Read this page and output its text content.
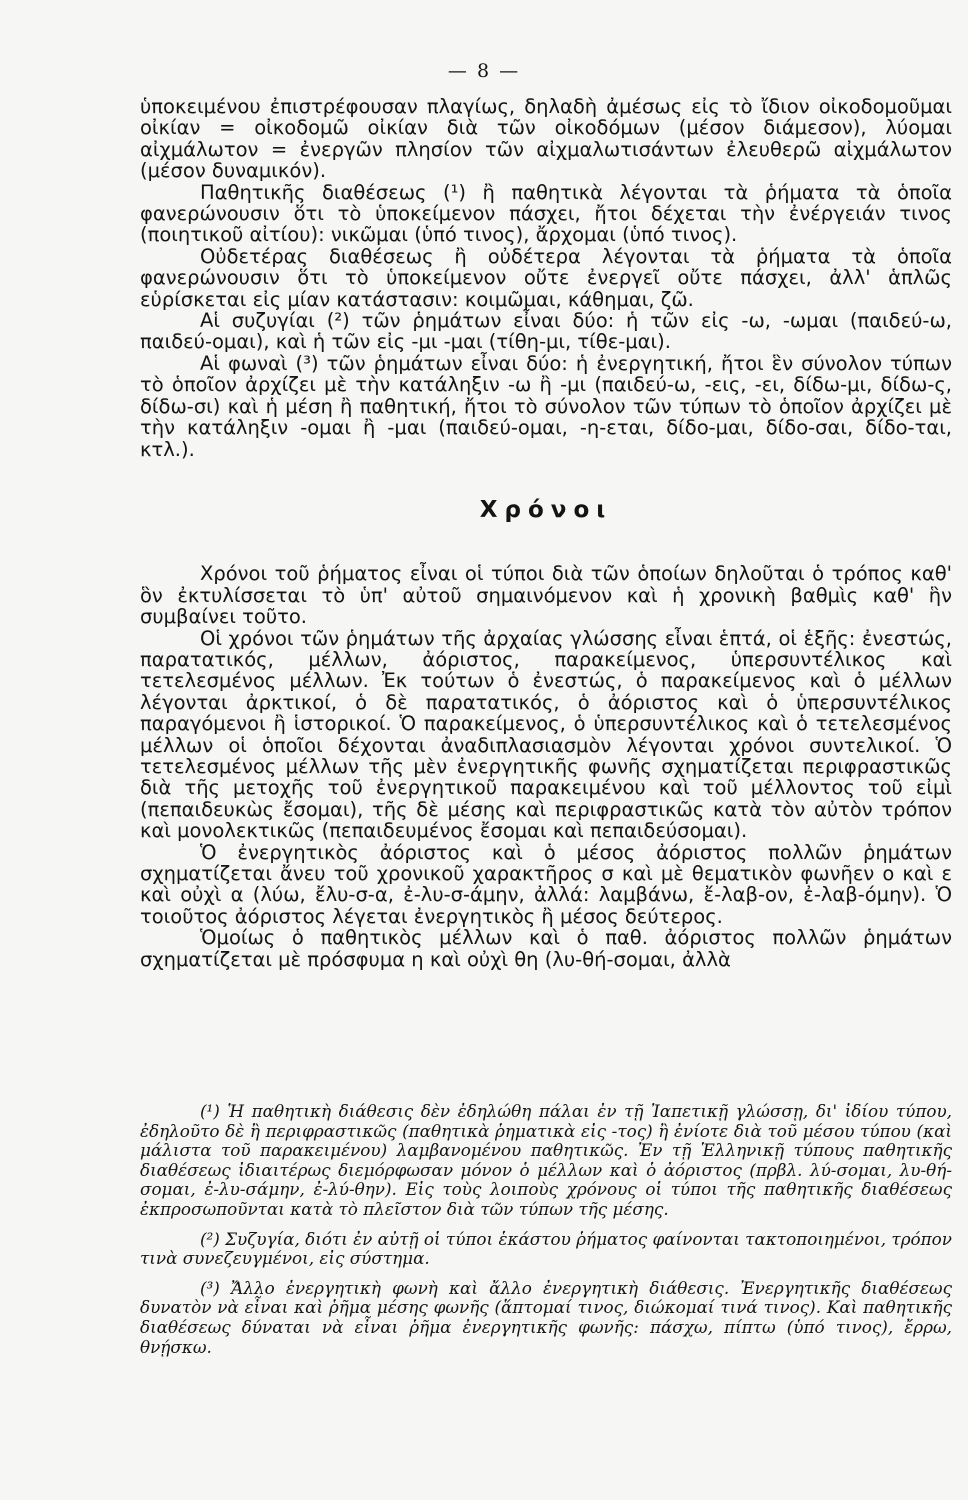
— 8 —

ὑποκειμένου ἐπιστρέφουσαν πλαγίως, δηλαδὴ ἀμέσως εἰς τὸ ἴδιον οἰκοδομοῦμαι οἰκίαν = οἰκοδομῶ οἰκίαν διὰ τῶν οἰκοδόμων (μέσον διάμεσον), λύομαι αἰχμάλωτον = ἐνεργῶν πλησίον τῶν αἰχμαλωτισάντων ἐλευθερῶ αἰχμάλωτον (μέσον δυναμικόν).

Παθητικῆς διαθέσεως (¹) ἢ παθητικὰ λέγονται τὰ ῥήματα τὰ ὁποῖα φανερώνουσιν ὅτι τὸ ὑποκείμενον πάσχει, ἤτοι δέχεται τὴν ἐνέργειάν τινος (ποιητικοῦ αἰτίου): νικῶμαι (ὑπό τινος), ἄρχομαι (ὑπό τινος).

Οὐδετέρας διαθέσεως ἢ οὐδέτερα λέγονται τὰ ῥήματα τὰ ὁποῖα φανερώνουσιν ὅτι τὸ ὑποκείμενον οὔτε ἐνεργεῖ οὔτε πάσχει, ἀλλ' ἁπλῶς εὑρίσκεται εἰς μίαν κατάστασιν: κοιμῶμαι, κάθημαι, ζῶ.

Αἱ συζυγίαι (²) τῶν ῥημάτων εἶναι δύο: ἡ τῶν εἰς -ω, -ωμαι (παιδεύ-ω, παιδεύ-ομαι), καὶ ἡ τῶν εἰς -μι -μαι (τίθη-μι, τίθε-μαι).

Αἱ φωναὶ (³) τῶν ῥημάτων εἶναι δύο: ἡ ἐνεργητική, ἤτοι ἓν σύνολον τύπων τὸ ὁποῖον ἀρχίζει μὲ τὴν κατάληξιν -ω ἢ -μι (παιδεύ-ω, -εις, -ει, δίδω-μι, δίδω-ς, δίδω-σι) καὶ ἡ μέση ἢ παθητική, ἤτοι τὸ σύνολον τῶν τύπων τὸ ὁποῖον ἀρχίζει μὲ τὴν κατάληξιν -ομαι ἢ -μαι (παιδεύ-ομαι, -η-εται, δίδο-μαι, δίδο-σαι, δίδο-ται, κτλ.).

Χρόνοι

Χρόνοι τοῦ ῥήματος εἶναι οἱ τύποι διὰ τῶν ὁποίων δηλοῦται ὁ τρόπος καθ' ὃν ἐκτυλίσσεται τὸ ὑπ' αὐτοῦ σημαινόμενον καὶ ἡ χρονικὴ βαθμὶς καθ' ἣν συμβαίνει τοῦτο.

Οἱ χρόνοι τῶν ῥημάτων τῆς ἀρχαίας γλώσσης εἶναι ἑπτά, οἱ ἑξῆς: ἐνεστώς, παρατατικός, μέλλων, ἀόριστος, παρακείμενος, ὑπερσυντέλικος καὶ τετελεσμένος μέλλων. Ἐκ τούτων ὁ ἐνεστώς, ὁ παρακείμενος καὶ ὁ μέλλων λέγονται ἀρκτικοί, ὁ δὲ παρατατικός, ὁ ἀόριστος καὶ ὁ ὑπερσυντέλικος παραγόμενοι ἢ ἱστορικοί. Ὁ παρακείμενος, ὁ ὑπερσυντέλικος καὶ ὁ τετελεσμένος μέλλων οἱ ὁποῖοι δέχονται ἀναδιπλασιασμὸν λέγονται χρόνοι συντελικοί. Ὁ τετελεσμένος μέλλων τῆς μὲν ἐνεργητικῆς φωνῆς σχηματίζεται περιφραστικῶς διὰ τῆς μετοχῆς τοῦ ἐνεργητικοῦ παρακειμένου καὶ τοῦ μέλλοντος τοῦ εἰμὶ (πεπαιδευκὼς ἔσομαι), τῆς δὲ μέσης καὶ περιφραστικῶς κατὰ τὸν αὐτὸν τρόπον καὶ μονολεκτικῶς (πεπαιδευμένος ἔσομαι καὶ πεπαιδεύσομαι).

Ὁ ἐνεργητικὸς ἀόριστος καὶ ὁ μέσος ἀόριστος πολλῶν ῥημάτων σχηματίζεται ἄνευ τοῦ χρονικοῦ χαρακτῆρος σ καὶ μὲ θεματικὸν φωνῆεν ο καὶ ε καὶ οὐχὶ α (λύω, ἔλυ-σ-α, ἐ-λυ-σ-άμην, ἀλλά: λαμβάνω, ἔ-λαβ-ον, ἐ-λαβ-όμην). Ὁ τοιοῦτος ἀόριστος λέγεται ἐνεργητικὸς ἢ μέσος δεύτερος.

Ὁμοίως ὁ παθητικὸς μέλλων καὶ ὁ παθ. ἀόριστος πολλῶν ῥημάτων σχηματίζεται μὲ πρόσφυμα η καὶ οὐχὶ θη (λυ-θή-σομαι, ἀλλὰ

(¹) Ἡ παθητικὴ διάθεσις δὲν ἐδηλώθη πάλαι ἐν τῇ Ἰαπετικῇ γλώσσῃ, δι' ἰδίου τύπου, ἐδηλοῦτο δὲ ἢ περιφραστικῶς (παθητικὰ ῥηματικὰ εἰς -τος) ἢ ἐνίοτε διὰ τοῦ μέσου τύπου (καὶ μάλιστα τοῦ παρακειμένου) λαμβανομένου παθητικῶς. Ἐν τῇ Ἑλληνικῇ τύπους παθητικῆς διαθέσεως ἰδιαιτέρως διεμόρφωσαν μόνον ὁ μέλλων καὶ ὁ ἀόριστος (πρβλ. λύ-σομαι, λυ-θή-σομαι, ἐ-λυ-σάμην, ἐ-λύ-θην). Εἰς τοὺς λοιποὺς χρόνους οἱ τύποι τῆς παθητικῆς διαθέσεως ἐκπροσωποῦνται κατὰ τὸ πλεῖστον διὰ τῶν τύπων τῆς μέσης.

(²) Συζυγία, διότι ἐν αὐτῇ οἱ τύποι ἑκάστου ῥήματος φαίνονται τακτοποιημένοι, τρόπον τινὰ συνεζευγμένοι, εἰς σύστημα.

(³) Ἄλλο ἐνεργητικὴ φωνὴ καὶ ἄλλο ἐνεργητικὴ διάθεσις. Ἐνεργητικῆς διαθέσεως δυνατὸν νὰ εἶναι καὶ ῥῆμα μέσης φωνῆς (ἅπτομαί τινος, διώκομαί τινά τινος). Καὶ παθητικῆς διαθέσεως δύναται νὰ εἶναι ῥῆμα ἐνεργητικῆς φωνῆς: πάσχω, πίπτω (ὑπό τινος), ἔρρω, θνῄσκω.
